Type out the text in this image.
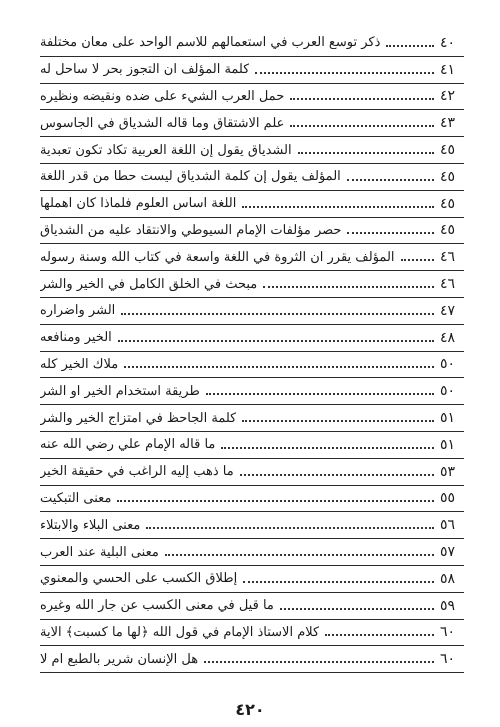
ذكر توسع العرب في استعمالهم للاسم الواحد على معانٍ مختلفة	٤٠
كلمة المؤلف أن التجوز بحر لا ساحل له	٤١
حمل العرب الشيء على ضده ونقيضه ونظيره	٤٢
علم الاشتقاق وما قاله الشدياق في الجاسوس	٤٣
الشدياق يقول إن اللغة العربية تكاد تكون تعبدية	٤٥
المؤلف يقول إن كلمة الشدياق ليست حطاً من قدر اللغة	٤٥
اللغة أساس العلوم فلماذا كان أهملها	٤٥
حصر مؤلفات الإمام السيوطي والانتقاد عليه من الشدياق	٤٥
المؤلف يقرر أن الثروة في اللغة واسعة في كتاب الله وسنة رسوله	٤٦
مبحث في الخلق الكامل في الخير والشر	٤٦
الشر وأضراره	٤٧
الخير ومنافعه	٤٨
ملاك الخير كله	٥٠
طريقة استخدام الخير أو الشر	٥٠
كلمة الجاحظ في امتزاج الخير والشر	٥١
ما قاله الإمام علي رضي الله عنه	٥١
ما ذهب إليه الراغب في حقيقة الخير	٥٣
معنى التبكيت	٥٥
معنى البلاء والابتلاء	٥٦
معنى البلية عند العرب	٥٧
إطلاق الكسب على الحسي والمعنوي	٥٨
ما قيل في معنى الكسب عن جار الله وغيره	٥٩
كلام الأستاذ الإمام في قول الله ﴿لها ما كسبت﴾ الآية	٦٠
هل الإنسان شرير بالطبع أم لا	٦٠
٤٢٠
